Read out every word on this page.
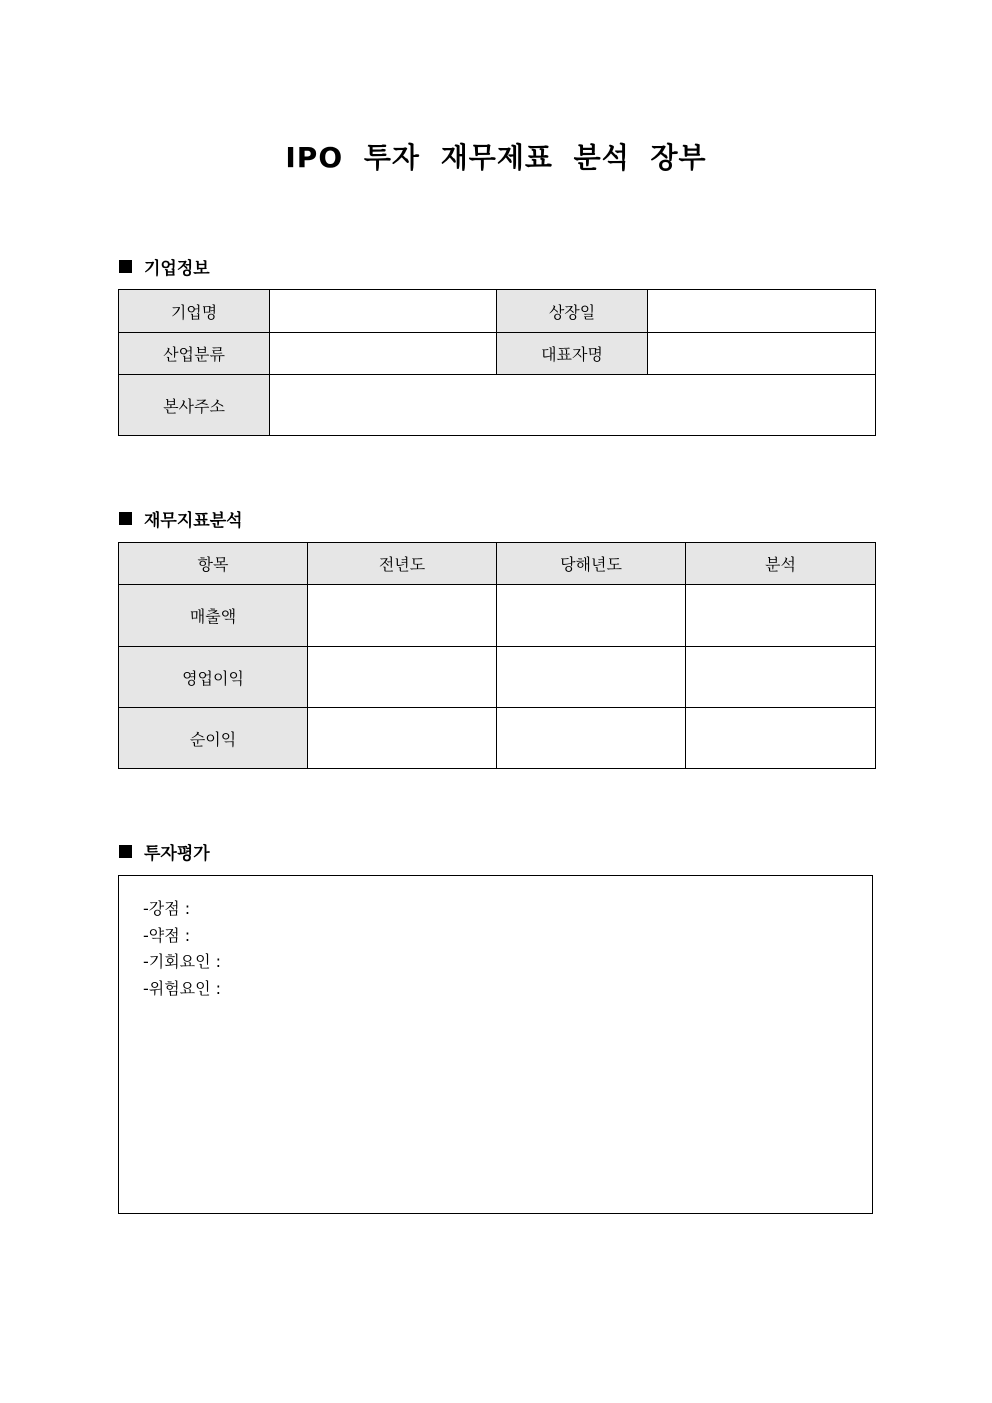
IPO 투자 재무제표 분석 장부
기업정보
기업명		상장일	
산업분류		대표자명	
본사주소			
재무지표분석
항목	전년도	당해년도	분석
매출액			
영업이익			
순이익			
투자평가
-강점 :
-약점 :
-기회요인 :
-위험요인 :
